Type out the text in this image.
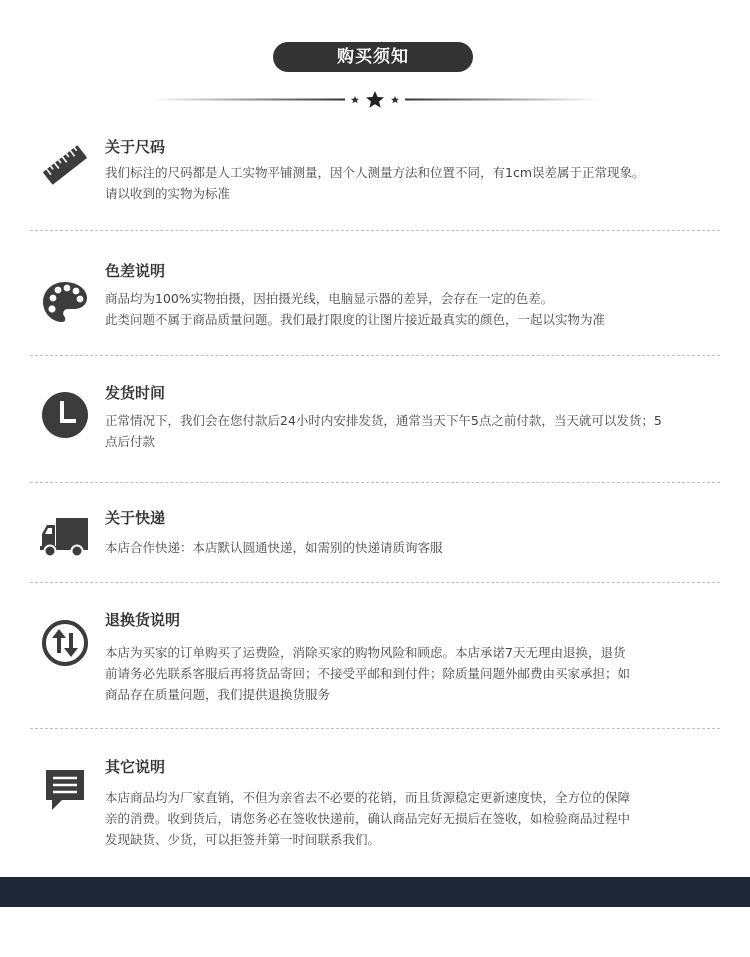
购买须知
关于尺码
我们标注的尺码都是人工实物平铺测量，因个人测量方法和位置不同，有1cm误差属于正常现象。
请以收到的实物为标准
色差说明
商品均为100%实物拍摄，因拍摄光线，电脑显示器的差异，会存在一定的色差。
此类问题不属于商品质量问题。我们最打限度的让图片接近最真实的颜色，一起以实物为准
发货时间
正常情况下，我们会在您付款后24小时内安排发货，通常当天下午5点之前付款，当天就可以发货；5
点后付款
关于快递
本店合作快递：本店默认圆通快递，如需别的快递请质询客服
退换货说明
本店为买家的订单购买了运费险，消除买家的购物风险和顾虑。本店承诺7天无理由退换，退货
前请务必先联系客服后再将货品寄回；不接受平邮和到付件；除质量问题外邮费由买家承担；如
商品存在质量问题，我们提供退换货服务
其它说明
本店商品均为厂家直销，不但为亲省去不必要的花销，而且货源稳定更新速度快，全方位的保障
亲的消费。收到货后，请您务必在签收快递前，确认商品完好无损后在签收，如检验商品过程中
发现缺货、少货，可以拒签并第一时间联系我们。
